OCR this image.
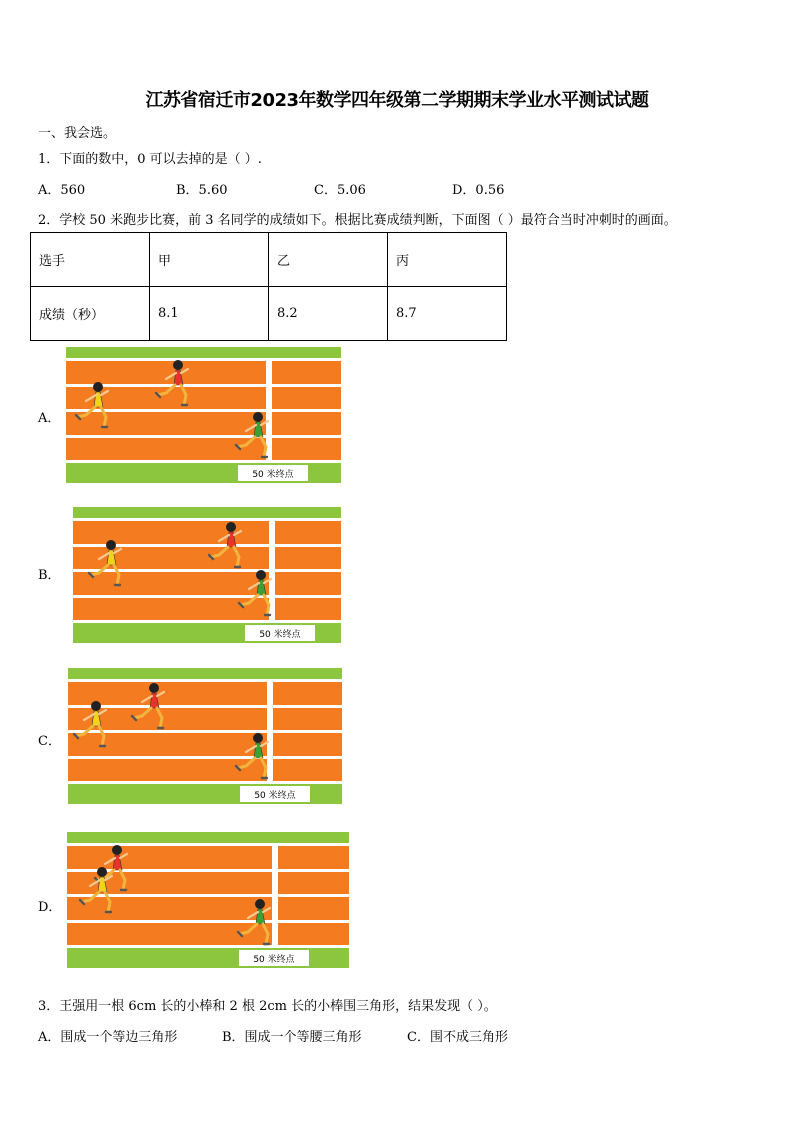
江苏省宿迁市2023年数学四年级第二学期期末学业水平测试试题
一、我会选。
1．下面的数中，0 可以去掉的是（ ）.
A．560	B．5.60	C．5.06	D．0.56
2．学校 50 米跑步比赛，前 3 名同学的成绩如下。根据比赛成绩判断，下面图（ ）最符合当时冲刺时的画面。
选手	甲	乙	丙
成绩（秒）	8.1	8.2	8.7
A．
B．
C．
D．
50 米终点
50 米终点
50 米终点
50 米终点
3．王强用一根 6cm 长的小棒和 2 根 2cm 长的小棒围三角形，结果发现（ ）。
A．围成一个等边三角形	B．围成一个等腰三角形	C．围不成三角形
